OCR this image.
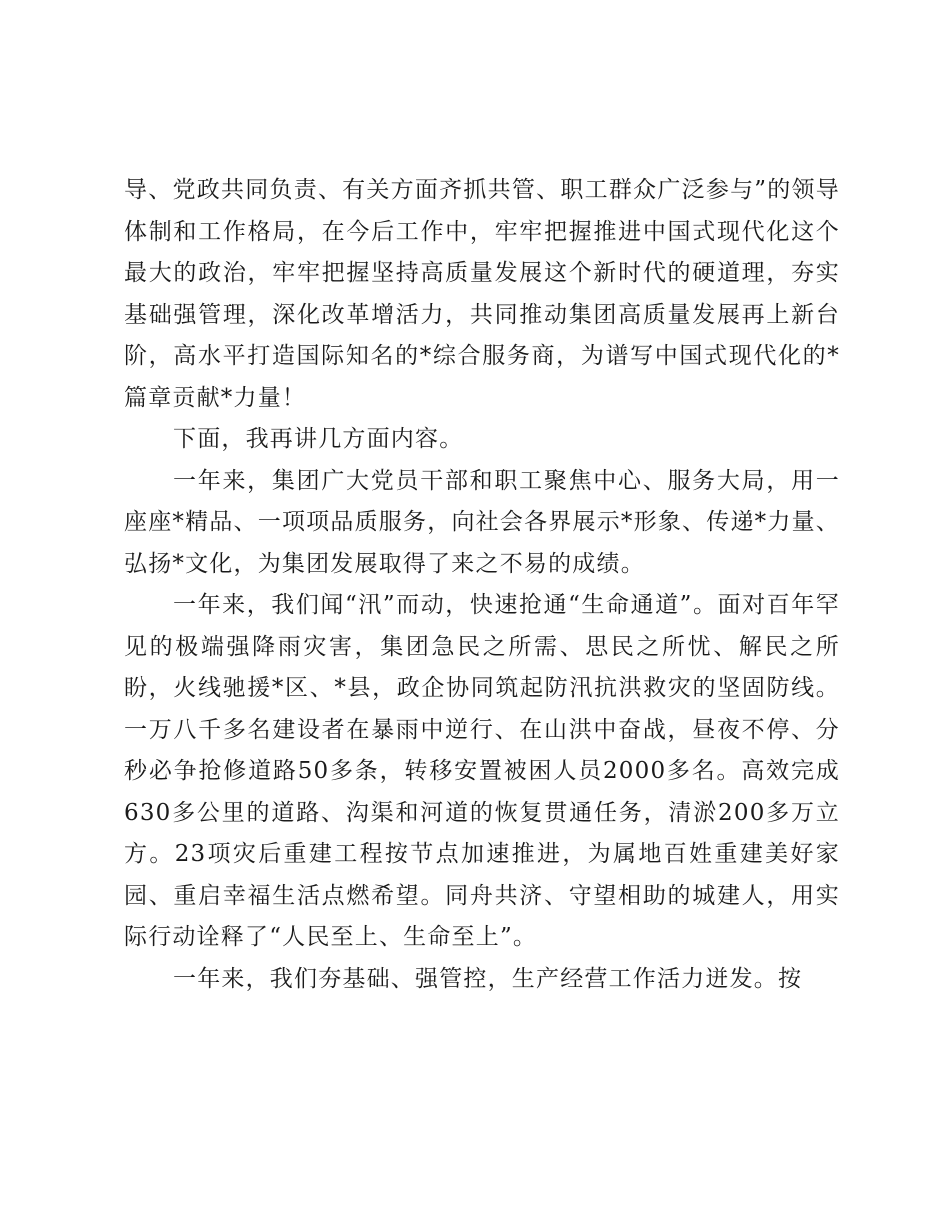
导、党政共同负责、有关方面齐抓共管、职工群众广泛参与”的领导体制和工作格局，在今后工作中，牢牢把握推进中国式现代化这个最大的政治，牢牢把握坚持高质量发展这个新时代的硬道理，夯实基础强管理，深化改革增活力，共同推动集团高质量发展再上新台阶，高水平打造国际知名的*综合服务商，为谱写中国式现代化的*篇章贡献*力量！

下面，我再讲几方面内容。

一年来，集团广大党员干部和职工聚焦中心、服务大局，用一座座*精品、一项项品质服务，向社会各界展示*形象、传递*力量、弘扬*文化，为集团发展取得了来之不易的成绩。

一年来，我们闻“汛”而动，快速抢通“生命通道”。面对百年罕见的极端强降雨灾害，集团急民之所需、思民之所忧、解民之所盼，火线驰援*区、*县，政企协同筑起防汛抗洪救灾的坚固防线。一万八千多名建设者在暴雨中逆行、在山洪中奋战，昼夜不停、分秒必争抢修道路50多条，转移安置被困人员2000多名。高效完成630多公里的道路、沟渠和河道的恢复贯通任务，清淤200多万立方。23项灾后重建工程按节点加速推进，为属地百姓重建美好家园、重启幸福生活点燃希望。同舟共济、守望相助的城建人，用实际行动诠释了“人民至上、生命至上”。

一年来，我们夯基础、强管控，生产经营工作活力迸发。按
